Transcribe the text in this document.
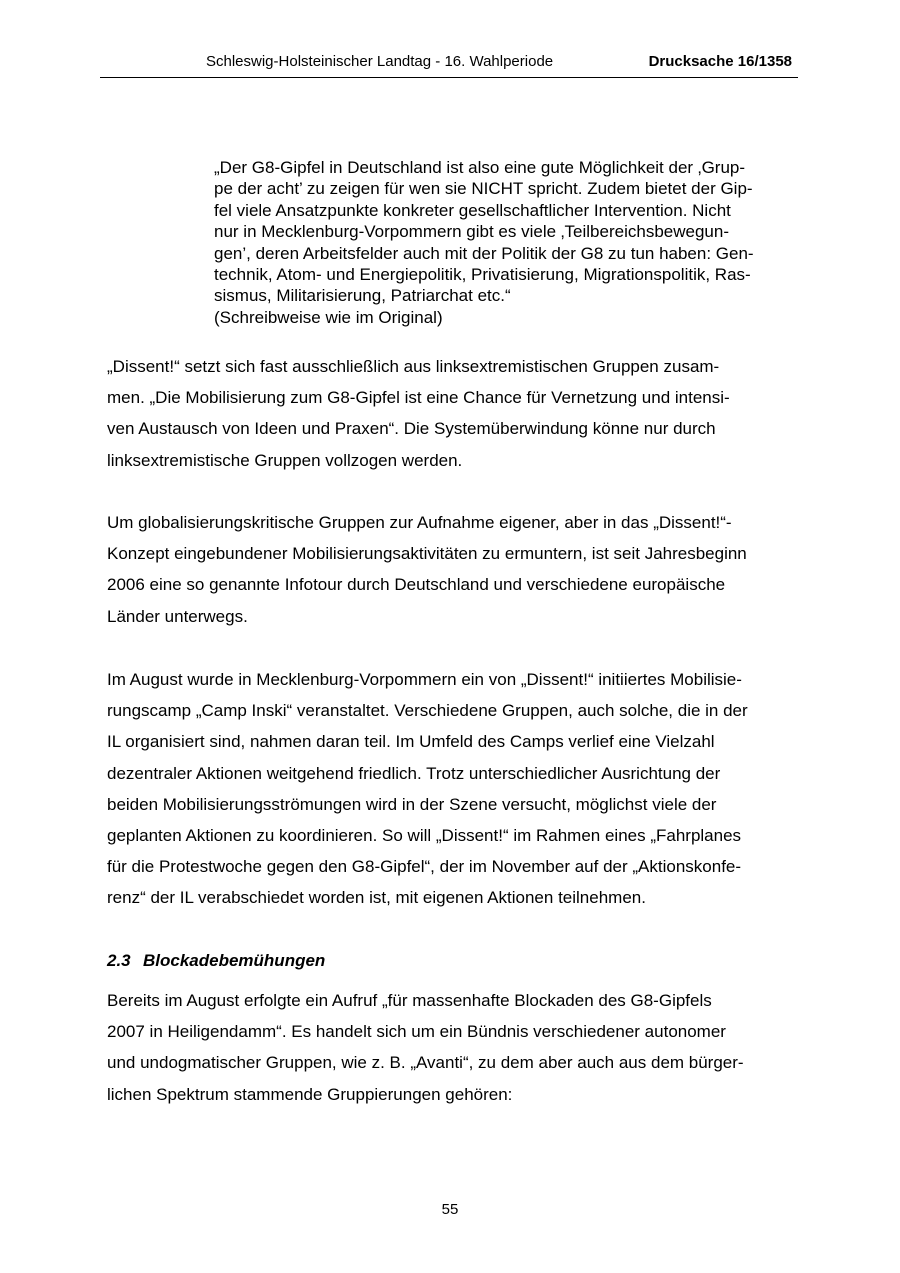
Schleswig-Holsteinischer Landtag - 16. Wahlperiode	Drucksache 16/1358
„Der G8-Gipfel in Deutschland ist also eine gute Möglichkeit der ‚Grup-
pe der acht’ zu zeigen für wen sie NICHT spricht. Zudem bietet der Gip-
fel viele Ansatzpunkte konkreter gesellschaftlicher Intervention. Nicht
nur in Mecklenburg-Vorpommern gibt es viele ‚Teilbereichsbewegun-
gen’, deren Arbeitsfelder auch mit der Politik der G8 zu tun haben: Gen-
technik, Atom- und Energiepolitik, Privatisierung, Migrationspolitik, Ras-
sismus, Militarisierung, Patriarchat etc.“
(Schreibweise wie im Original)
„Dissent!“ setzt sich fast ausschließlich aus linksextremistischen Gruppen zusam-
men. „Die Mobilisierung zum G8-Gipfel ist eine Chance für Vernetzung und intensi-
ven Austausch von Ideen und Praxen“. Die Systemüberwindung könne nur durch
linksextremistische Gruppen vollzogen werden.
Um globalisierungskritische Gruppen zur Aufnahme eigener, aber in das „Dissent!“-
Konzept eingebundener Mobilisierungsaktivitäten zu ermuntern, ist seit Jahresbeginn
2006 eine so genannte Infotour durch Deutschland und verschiedene europäische
Länder unterwegs.
Im August wurde in Mecklenburg-Vorpommern ein von „Dissent!“ initiiertes Mobilisie-
rungscamp „Camp Inski“ veranstaltet. Verschiedene Gruppen, auch solche, die in der
IL organisiert sind, nahmen daran teil. Im Umfeld des Camps verlief eine Vielzahl
dezentraler Aktionen weitgehend friedlich. Trotz unterschiedlicher Ausrichtung der
beiden Mobilisierungsströmungen wird in der Szene versucht, möglichst viele der
geplanten Aktionen zu koordinieren. So will „Dissent!“ im Rahmen eines „Fahrplanes
für die Protestwoche gegen den G8-Gipfel“, der im November auf der „Aktionskonfe-
renz“ der IL verabschiedet worden ist, mit eigenen Aktionen teilnehmen.
2.3 Blockadebemühungen
Bereits im August erfolgte ein Aufruf „für massenhafte Blockaden des G8-Gipfels
2007 in Heiligendamm“. Es handelt sich um ein Bündnis verschiedener autonomer
und undogmatischer Gruppen, wie z. B. „Avanti“, zu dem aber auch aus dem bürger-
lichen Spektrum stammende Gruppierungen gehören:
55
